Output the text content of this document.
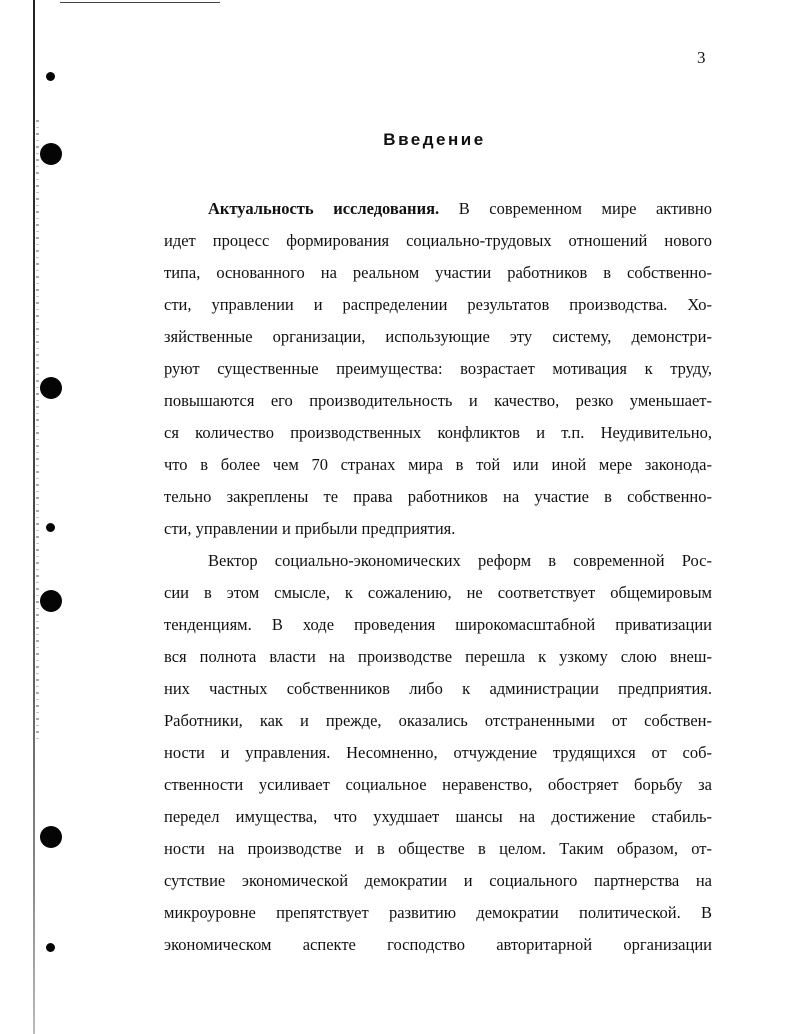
3
Введение
Актуальность исследования. В современном мире активно
идет процесс формирования социально-трудовых отношений нового
типа, основанного на реальном участии работников в собственно-
сти, управлении и распределении результатов производства. Хо-
зяйственные организации, использующие эту систему, демонстри-
руют существенные преимущества: возрастает мотивация к труду,
повышаются его производительность и качество, резко уменьшает-
ся количество производственных конфликтов и т.п. Неудивительно,
что в более чем 70 странах мира в той или иной мере законода-
тельно закреплены те права работников на участие в собственно-
сти, управлении и прибыли предприятия.
Вектор социально-экономических реформ в современной Рос-
сии в этом смысле, к сожалению, не соответствует общемировым
тенденциям. В ходе проведения широкомасштабной приватизации
вся полнота власти на производстве перешла к узкому слою внеш-
них частных собственников либо к администрации предприятия.
Работники, как и прежде, оказались отстраненными от собствен-
ности и управления. Несомненно, отчуждение трудящихся от соб-
ственности усиливает социальное неравенство, обостряет борьбу за
передел имущества, что ухудшает шансы на достижение стабиль-
ности на производстве и в обществе в целом. Таким образом, от-
сутствие экономической демократии и социального партнерства на
микроуровне препятствует развитию демократии политической. В
экономическом аспекте господство авторитарной организации
